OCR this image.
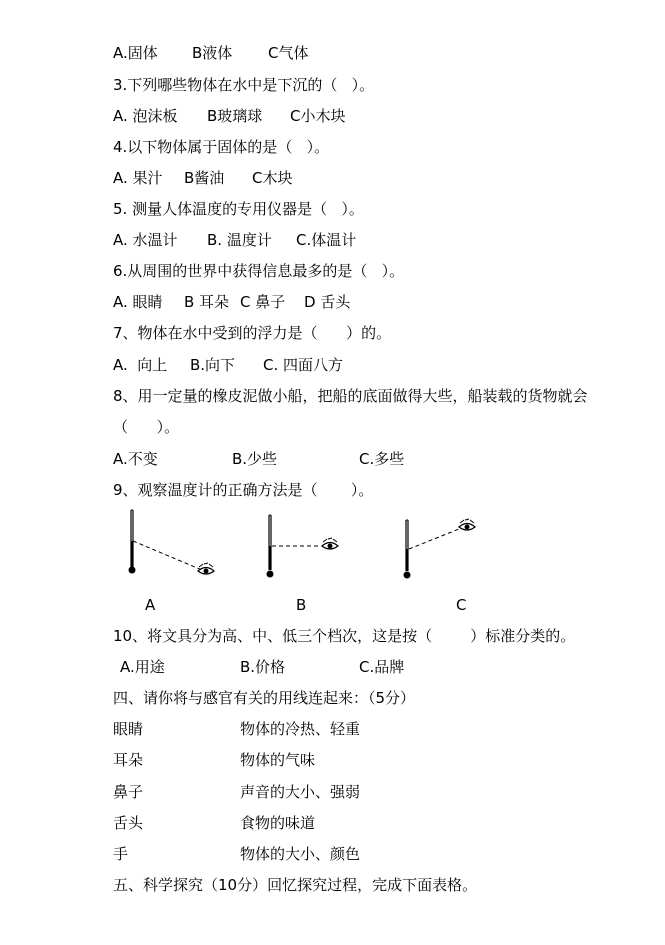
A.固体 B液体 C气体
3.下列哪些物体在水中是下沉的（   ）。
A. 泡沫板 B玻璃球 C小木块
4.以下物体属于固体的是（   ）。
A. 果汁 B酱油 C木块
5. 测量人体温度的专用仪器是（   ）。
A. 水温计 B. 温度计 C.体温计
6.从周围的世界中获得信息最多的是（   ）。
A. 眼睛 B 耳朵 C 鼻子 D 舌头
7、物体在水中受到的浮力是（      ）的。
A.  向上 B.向下 C. 四面八方
8、用一定量的橡皮泥做小船，把船的底面做得大些，船装载的货物就会
（      ）。
A.不变	B.少些	C.多些
9、观察温度计的正确方法是（       ）。
A	B	C
10、将文具分为高、中、低三个档次，这是按（        ）标准分类的。
A.用途	B.价格	C.品牌
四、请你将与感官有关的用线连起来：（5分）
眼睛	物体的冷热、轻重
耳朵	物体的气味
鼻子	声音的大小、强弱
舌头	食物的味道
手	物体的大小、颜色
五、科学探究（10分）回忆探究过程，完成下面表格。
